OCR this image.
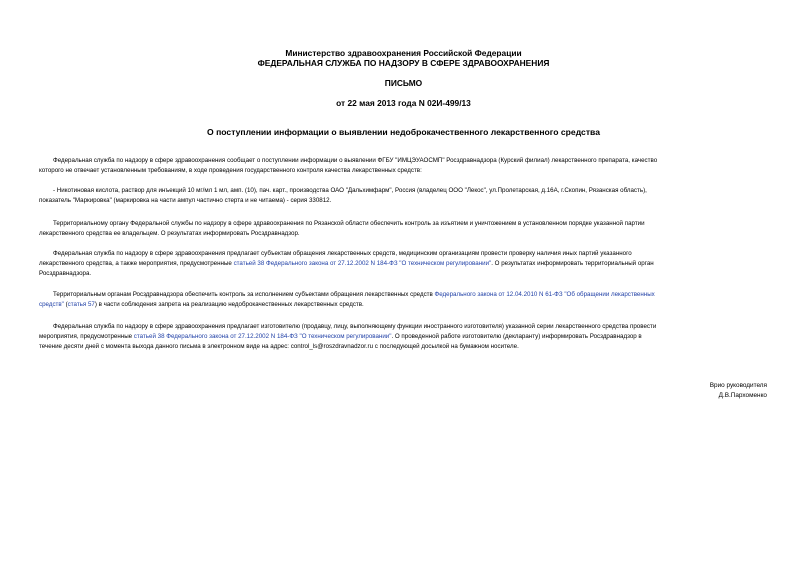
Министерство здравоохранения Российской Федерации
ФЕДЕРАЛЬНАЯ СЛУЖБА ПО НАДЗОРУ В СФЕРЕ ЗДРАВООХРАНЕНИЯ
ПИСЬМО
от 22 мая 2013 года N 02И-499/13
О поступлении информации о выявлении недоброкачественного лекарственного средства
Федеральная служба по надзору в сфере здравоохранения сообщает о поступлении информации о выявлении ФГБУ "ИМЦЭУАОСМП" Росздравнадзора (Курский филиал) лекарственного препарата, качество
которого не отвечает установленным требованиям, в ходе проведения государственного контроля качества лекарственных средств:
- Никотиновая кислота, раствор для инъекций 10 мг/мл 1 мл, амп. (10), пач. карт., производства ОАО "Дальхимфарм", Россия (владелец ООО "Лекос", ул.Пролетарская, д.16А, г.Скопин, Рязанская область),
показатель "Маркировка" (маркировка на части ампул частично стерта и не читаема) - серия 330812.
Территориальному органу Федеральной службы по надзору в сфере здравоохранения по Рязанской области обеспечить контроль за изъятием и уничтожением в установленном порядке указанной партии
лекарственного средства ее владельцем. О результатах информировать Росздравнадзор.
Федеральная служба по надзору в сфере здравоохранения предлагает субъектам обращения лекарственных средств, медицинским организациям провести проверку наличия иных партий указанного
лекарственного средства, а также мероприятия, предусмотренные статьей 38 Федерального закона от 27.12.2002 N 184-ФЗ "О техническом регулировании". О результатах информировать территориальный орган
Росздравнадзора.
Территориальным органам Росздравнадзора обеспечить контроль за исполнением субъектами обращения лекарственных средств Федерального закона от 12.04.2010 N 61-ФЗ "Об обращении лекарственных
средств" (статья 57) в части соблюдения запрета на реализацию недоброкачественных лекарственных средств.
Федеральная служба по надзору в сфере здравоохранения предлагает изготовителю (продавцу, лицу, выполняющему функции иностранного изготовителя) указанной серии лекарственного средства провести
мероприятия, предусмотренные статьей 38 Федерального закона от 27.12.2002 N 184-ФЗ "О техническом регулировании". О проведенной работе изготовителю (декларанту) информировать Росздравнадзор в
течение десяти дней с момента выхода данного письма в электронном виде на адрес: control_ls@roszdravnadzor.ru с последующей досылкой на бумажном носителе.
Врио руководителя
Д.В.Пархоменко
